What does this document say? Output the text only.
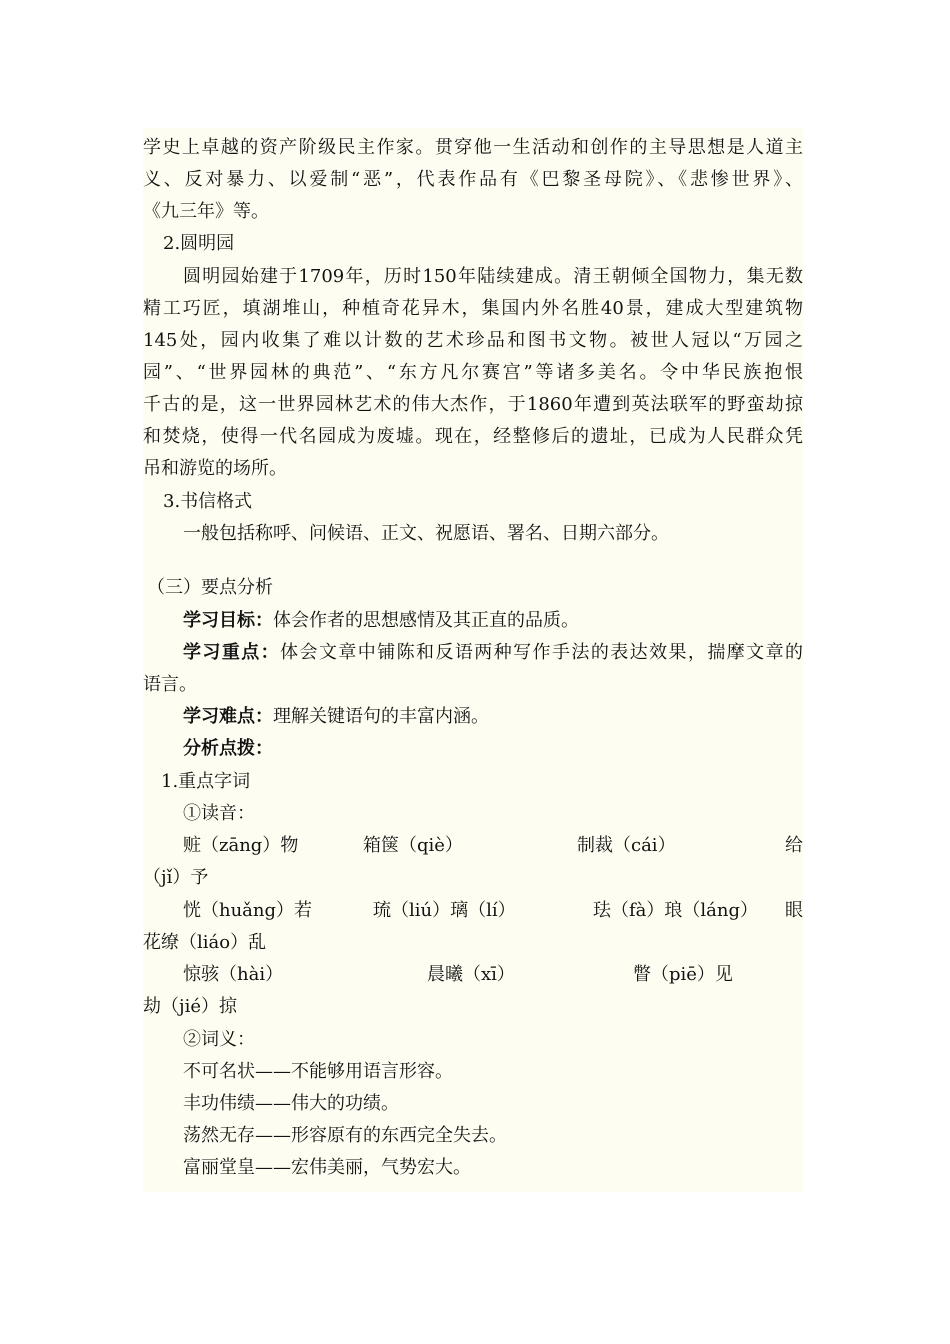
学史上卓越的资产阶级民主作家。贯穿他一生活动和创作的主导思想是人道主
义、反对暴力、以爱制“恶”，代表作品有《巴黎圣母院》、《悲惨世界》、
《九三年》等。
2.圆明园
圆明园始建于1709年，历时150年陆续建成。清王朝倾全国物力，集无数
精工巧匠，填湖堆山，种植奇花异木，集国内外名胜40景，建成大型建筑物
145处，园内收集了难以计数的艺术珍品和图书文物。被世人冠以“万园之
园”、“世界园林的典范”、“东方凡尔赛宫”等诸多美名。令中华民族抱恨
千古的是，这一世界园林艺术的伟大杰作，于1860年遭到英法联军的野蛮劫掠
和焚烧，使得一代名园成为废墟。现在，经整修后的遗址，已成为人民群众凭
吊和游览的场所。
3.书信格式
一般包括称呼、问候语、正文、祝愿语、署名、日期六部分。
（三）要点分析
学习目标：体会作者的思想感情及其正直的品质。
学习重点：体会文章中铺陈和反语两种写作手法的表达效果，揣摩文章的
语言。
学习难点：理解关键语句的丰富内涵。
分析点拨：
1.重点字词
①读音：
赃（zāng）物	箱箧（qiè）	制裁（cái）	给
（jǐ）予
恍（huǎng）若	琉（liú）璃（lí）	珐（fà）琅（láng） 眼
花缭（liáo）乱
惊骇（hài）	晨曦（xī）	瞥（piē）见
劫（jié）掠
②词义：
不可名状——不能够用语言形容。
丰功伟绩——伟大的功绩。
荡然无存——形容原有的东西完全失去。
富丽堂皇——宏伟美丽，气势宏大。
